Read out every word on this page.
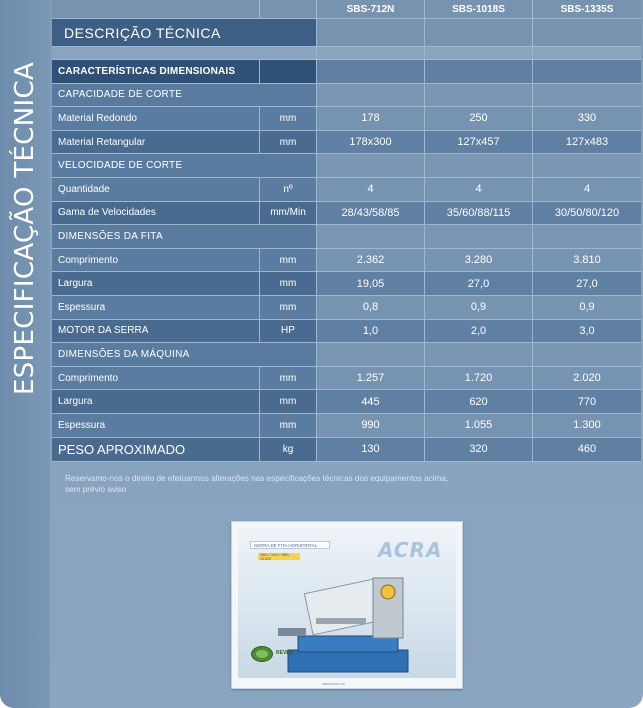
ESPECIFICAÇÃO TÉCNICA
SBS-712N	SBS-1018S	SBS-1335S
DESCRIÇÃO TÉCNICA
CARACTERÍSTICAS DIMENSIONAIS
CAPACIDADE DE CORTE
Material Redondo	mm	178	250	330
Material Retangular	mm	178x300	127x457	127x483
VELOCIDADE DE CORTE
Quantidade	nº	4	4	4
Gama de Velocidades	mm/Min	28/43/58/85	35/60/88/115	30/50/80/120
DIMENSÕES DA FITA
Comprimento	mm	2.362	3.280	3.810
Largura	mm	19,05	27,0	27,0
Espessura	mm	0,8	0,9	0,9
MOTOR DA SERRA	HP	1,0	2,0	3,0
DIMENSÕES DA MÁQUINA
Comprimento	mm	1.257	1.720	2.020
Largura	mm	445	620	770
Espessura	mm	990	1.055	1.300
PESO APROXIMADO	kg	130	320	460
Reservamo-nos o direito de efetuarmos alterações nas especificações técnicas dos equipamentos acima, sem prévio aviso
SERRA DE FITA HORIZONTAL
SBS-712N / SBS-1018S	ACRA
REVER
www.acra.com
